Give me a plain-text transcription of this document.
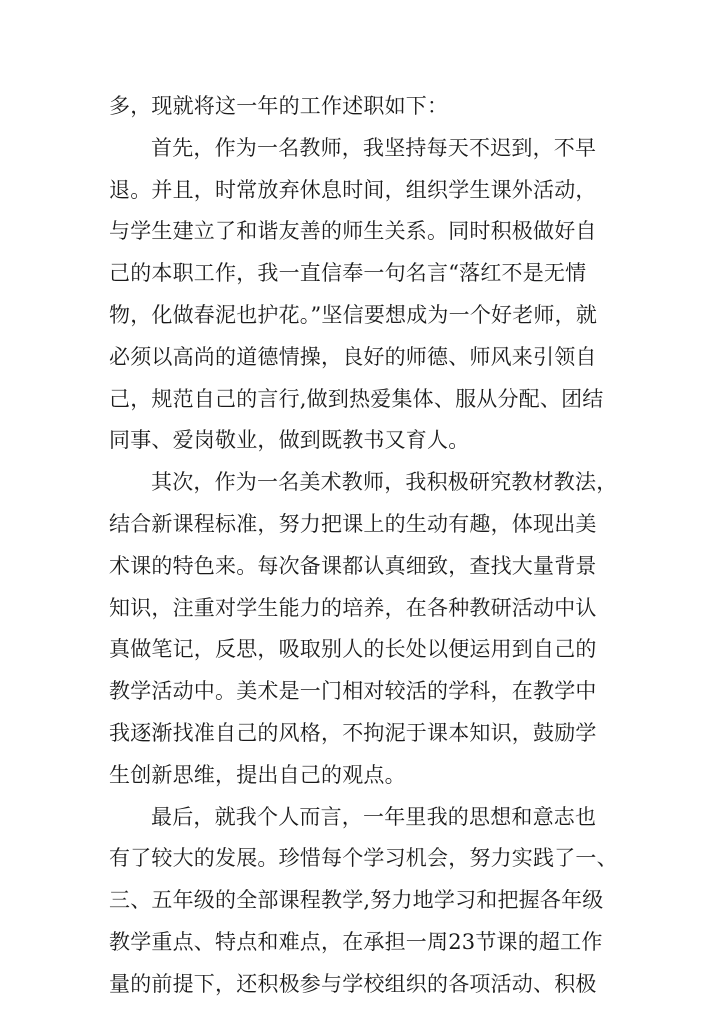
多，现就将这一年的工作述职如下：
首先，作为一名教师，我坚持每天不迟到，不早
退。并且，时常放弃休息时间，组织学生课外活动，
与学生建立了和谐友善的师生关系。同时积极做好自
己的本职工作，我一直信奉一句名言“落红不是无情
物，化做春泥也护花。”坚信要想成为一个好老师，就
必须以高尚的道德情操，良好的师德、师风来引领自
己，规范自己的言行,做到热爱集体、服从分配、团结
同事、爱岗敬业，做到既教书又育人。
其次，作为一名美术教师，我积极研究教材教法，
结合新课程标准，努力把课上的生动有趣，体现出美
术课的特色来。每次备课都认真细致，查找大量背景
知识，注重对学生能力的培养，在各种教研活动中认
真做笔记，反思，吸取别人的长处以便运用到自己的
教学活动中。美术是一门相对较活的学科，在教学中
我逐渐找准自己的风格，不拘泥于课本知识，鼓励学
生创新思维，提出自己的观点。
最后，就我个人而言，一年里我的思想和意志也
有了较大的发展。珍惜每个学习机会，努力实践了一、
三、五年级的全部课程教学,努力地学习和把握各年级
教学重点、特点和难点，在承担一周23节课的超工作
量的前提下，还积极参与学校组织的各项活动、积极
